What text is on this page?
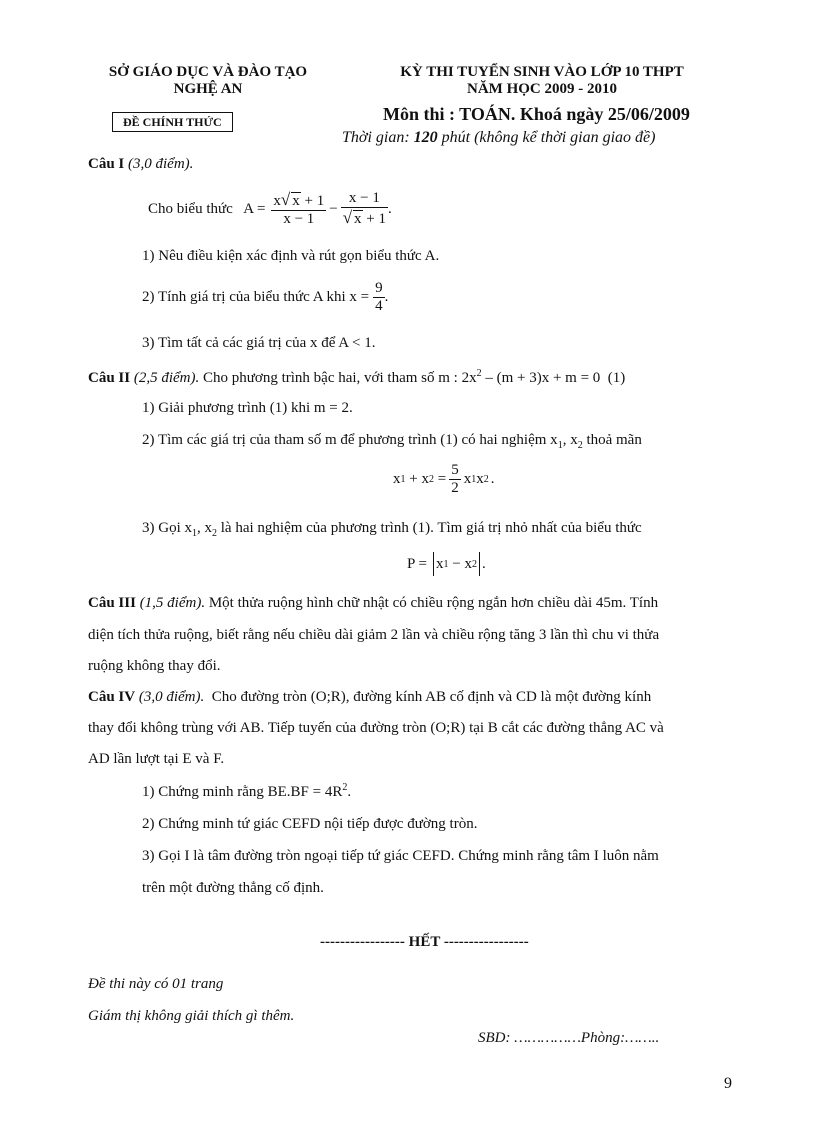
SỞ GIÁO DỤC VÀ ĐÀO TẠO
NGHỆ AN
ĐỀ CHÍNH THỨC
KỲ THI TUYỂN SINH VÀO LỚP 10 THPT
NĂM HỌC 2009 - 2010
Môn thi : TOÁN. Khoá ngày 25/06/2009
Thời gian: 120 phút (không kể thời gian giao đề)
Câu I (3,0 điểm).
Cho biểu thức   $A = \frac{x√ x + 1}{x - 1} - \frac{x - 1}{√ x + 1}$ .
1) Nêu điều kiện xác định và rút gọn biểu thức A.
2) Tính giá trị của biểu thức A khi $x = \frac{9}{4}$ .
3) Tìm tất cả các giá trị của x để A < 1.
Câu II (2,5 điểm). Cho phương trình bậc hai, với tham số m : $2x^2 - (m + 3)x + m = 0$  (1)
1) Giải phương trình (1) khi m = 2.
2) Tìm các giá trị của tham số m để phương trình (1) có hai nghiệm $x_1$, $x_2$ thoả mãn
x 1 + x $2 = \frac{5}{2}$ x 1 x 2 .
3) Gọi $x_1$, $x_2$ là hai nghiệm của phương trình (1). Tìm giá trị nhỏ nhất của biểu thức
P = x 1 − x 2 .
Câu III (1,5 điểm). Một thửa ruộng hình chữ nhật có chiều rộng ngắn hơn chiều dài 45m. Tính
diện tích thửa ruộng, biết rằng nếu chiều dài giảm 2 lần và chiều rộng tăng 3 lần thì chu vi thửa
ruộng không thay đổi.
Câu IV (3,0 điểm).  Cho đường tròn (O;R), đường kính AB cố định và CD là một đường kính
thay đổi không trùng với AB. Tiếp tuyến của đường tròn (O;R) tại B cắt các đường thẳng AC và
AD lần lượt tại E và F.
1) Chứng minh rằng $BE.BF = 4R^2$.
2) Chứng minh tứ giác CEFD nội tiếp được đường tròn.
3) Gọi I là tâm đường tròn ngoại tiếp tứ giác CEFD. Chứng minh rằng tâm I luôn nằm
trên một đường thẳng cố định.
----------------- HẾT -----------------
Đề thi này có 01 trang
Giám thị không giải thích gì thêm.
SBD: ……………Phòng:……..
9
